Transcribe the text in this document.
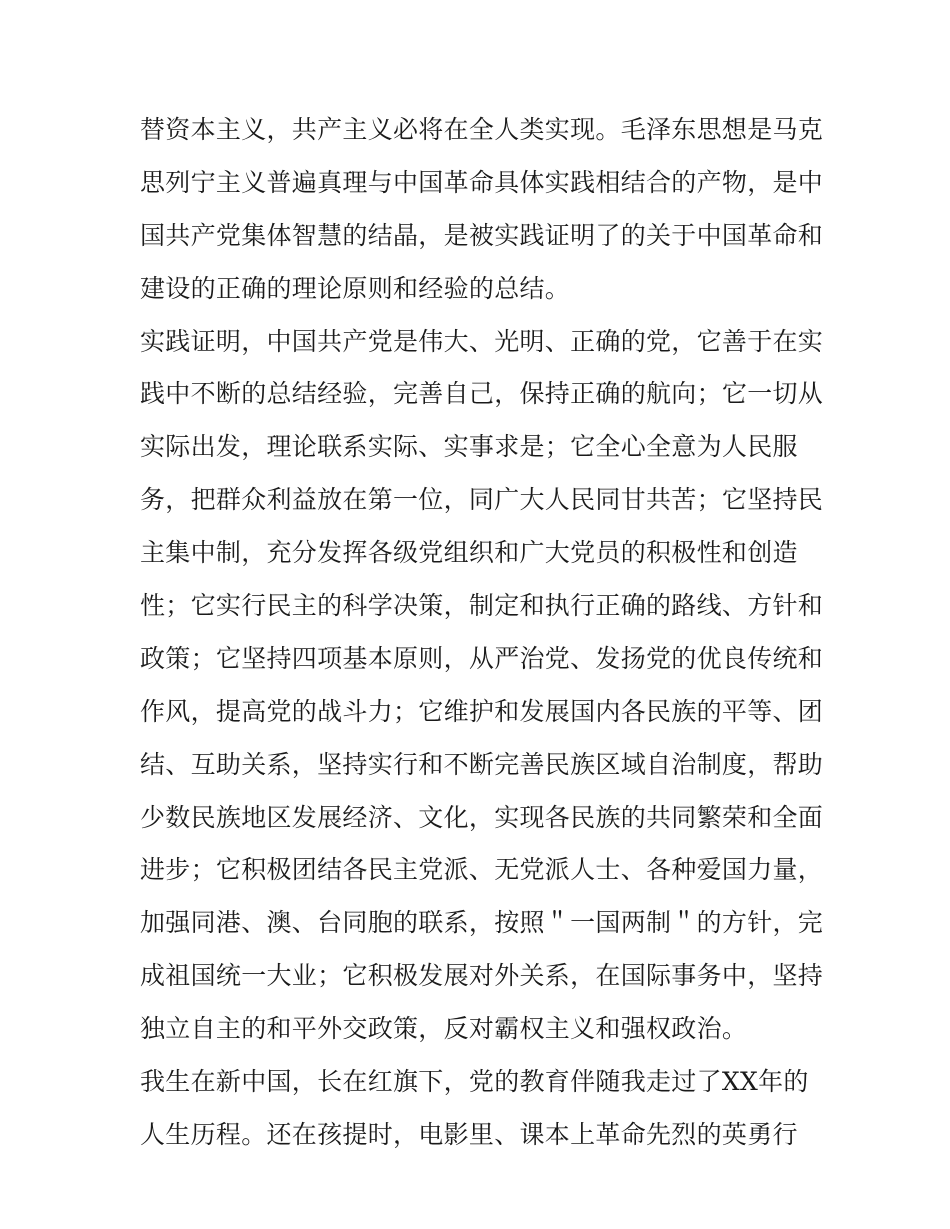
替资本主义，共产主义必将在全人类实现。毛泽东思想是马克
思列宁主义普遍真理与中国革命具体实践相结合的产物，是中
国共产党集体智慧的结晶，是被实践证明了的关于中国革命和
建设的正确的理论原则和经验的总结。
实践证明，中国共产党是伟大、光明、正确的党，它善于在实
践中不断的总结经验，完善自己，保持正确的航向；它一切从
实际出发，理论联系实际、实事求是；它全心全意为人民服
务，把群众利益放在第一位，同广大人民同甘共苦；它坚持民
主集中制，充分发挥各级党组织和广大党员的积极性和创造
性；它实行民主的科学决策，制定和执行正确的路线、方针和
政策；它坚持四项基本原则，从严治党、发扬党的优良传统和
作风，提高党的战斗力；它维护和发展国内各民族的平等、团
结、互助关系，坚持实行和不断完善民族区域自治制度，帮助
少数民族地区发展经济、文化，实现各民族的共同繁荣和全面
进步；它积极团结各民主党派、无党派人士、各种爱国力量，
加强同港、澳、台同胞的联系，按照＂一国两制＂的方针，完
成祖国统一大业；它积极发展对外关系，在国际事务中，坚持
独立自主的和平外交政策，反对霸权主义和强权政治。
我生在新中国，长在红旗下，党的教育伴随我走过了XX年的
人生历程。还在孩提时，电影里、课本上革命先烈的英勇行
